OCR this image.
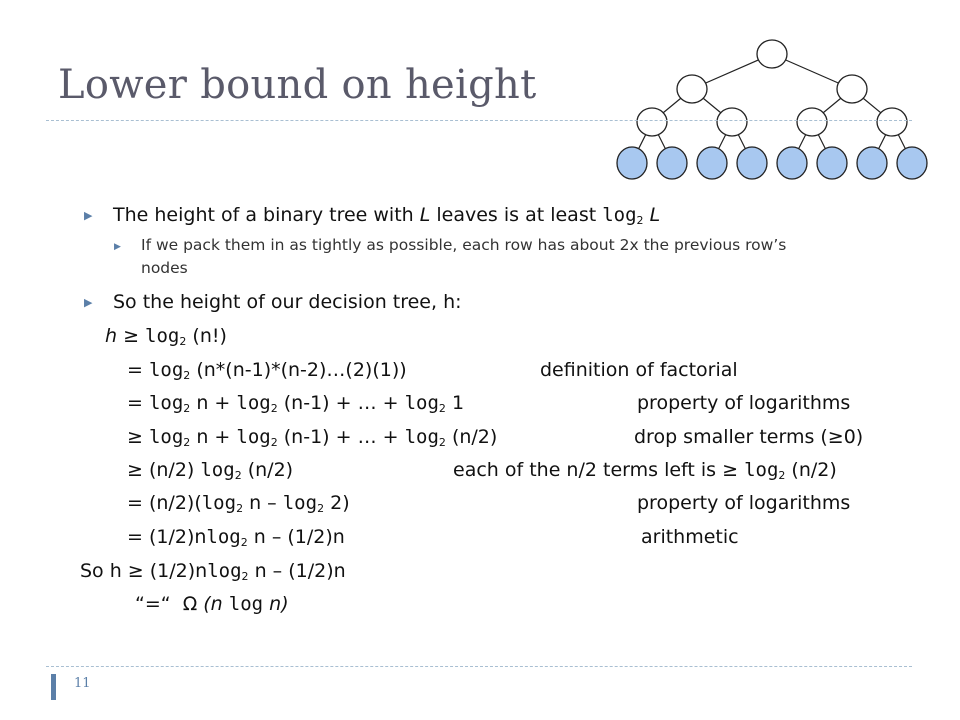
Lower bound on height
▶ The height of a binary tree with L leaves is at least log2 L
▶ If we pack them in as tightly as possible, each row has about 2x the previous row’s
nodes
▶ So the height of our decision tree, h:
h ≥ log2 (n!)
= log2 (n*(n-1)*(n-2)…(2)(1))	definition of factorial
= log2 n + log2 (n-1) + … + log2 1	property of logarithms
≥ log2 n + log2 (n-1) + … + log2 (n/2)	drop smaller terms (≥0)
≥ (n/2) log2 (n/2)	each of the n/2 terms left is ≥ log2 (n/2)
= (n/2)(log2 n – log2 2)	property of logarithms
= (1/2)nlog2 n – (1/2)n	arithmetic
So h ≥ (1/2)nlog2 n – (1/2)n
“=“ Ω (n log n)
11
